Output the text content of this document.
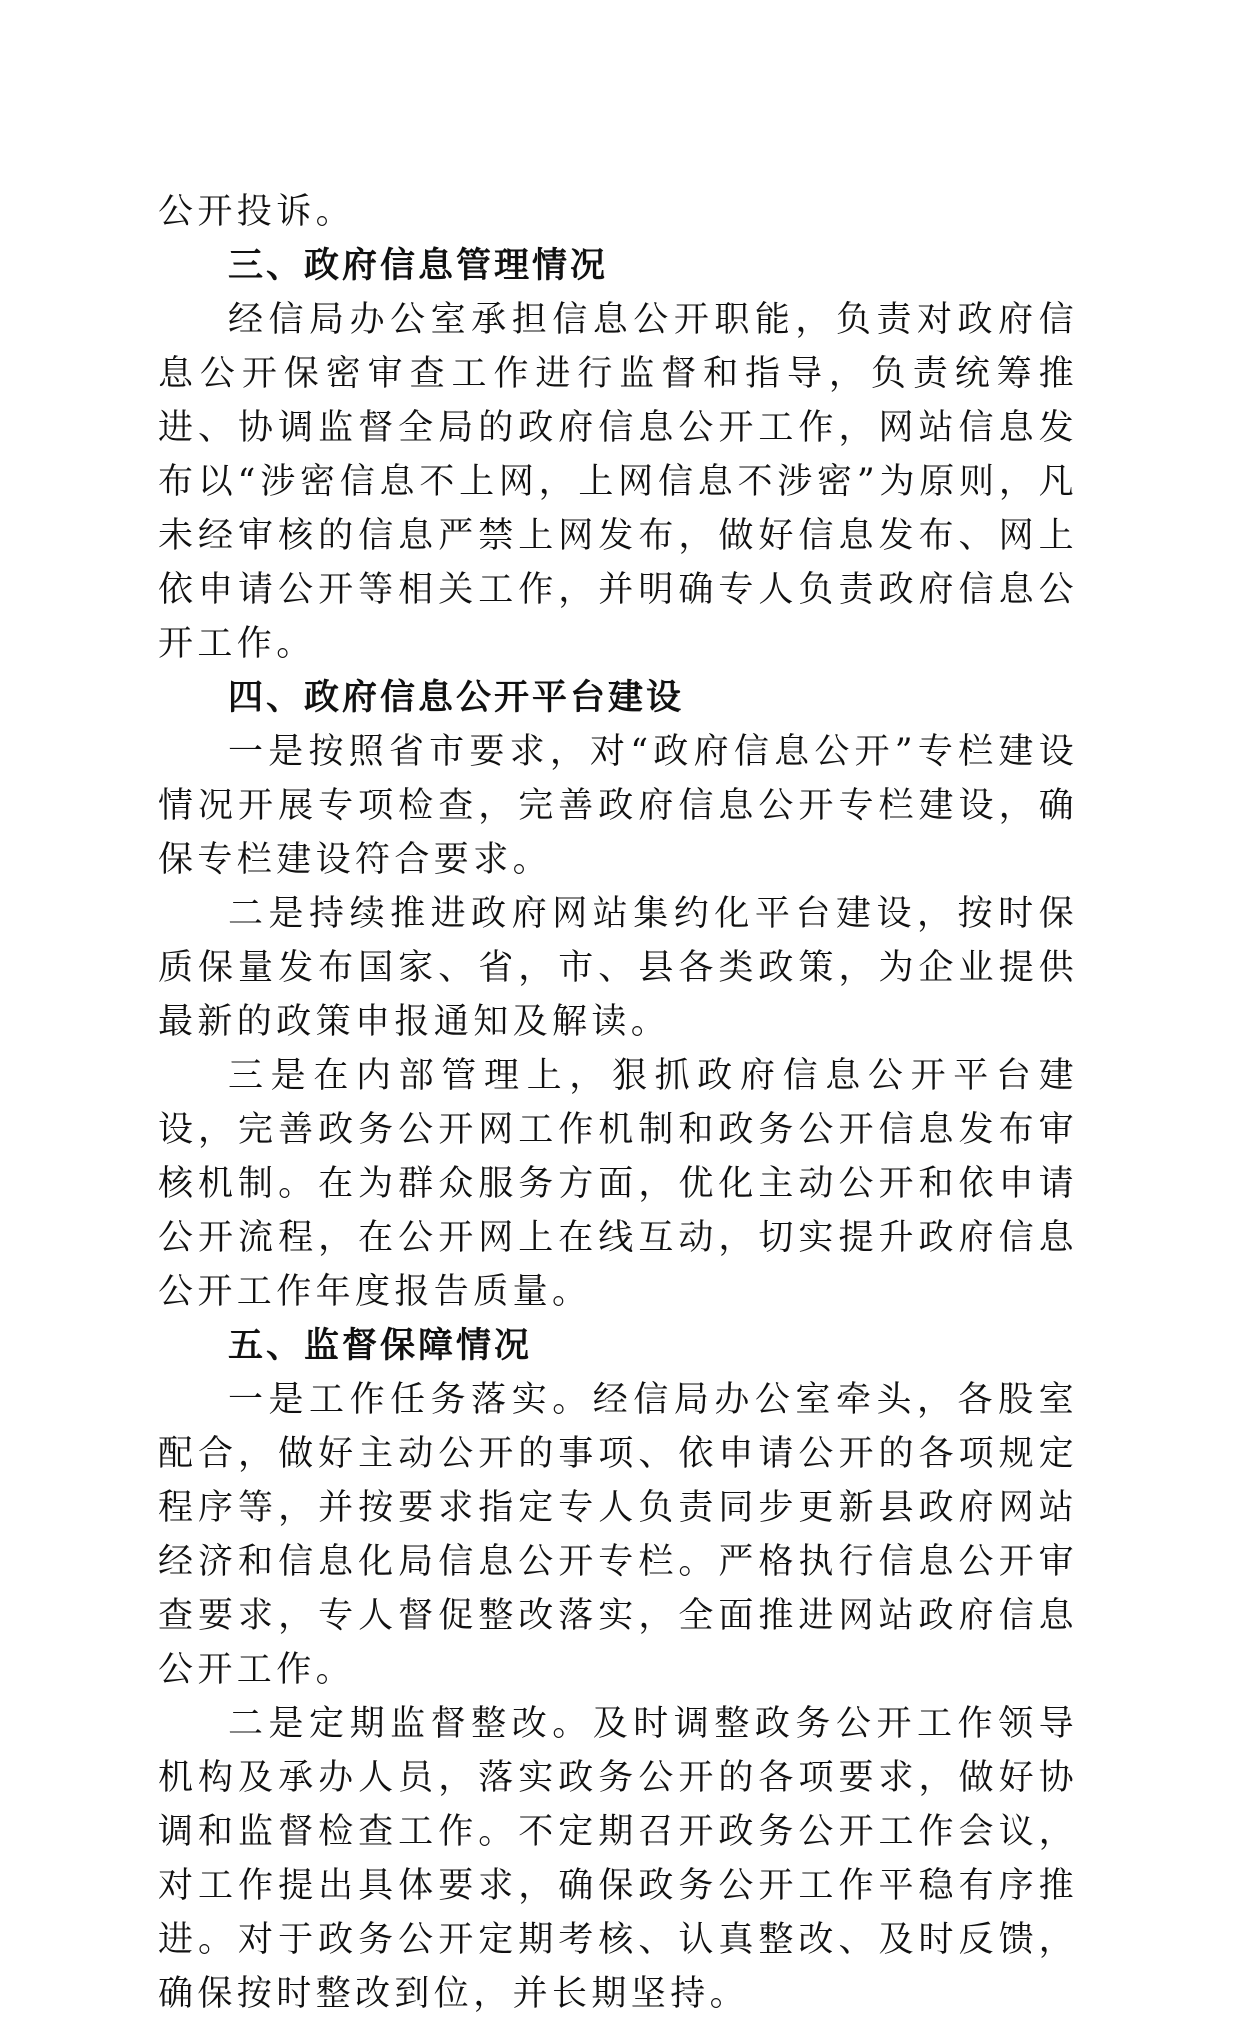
公开投诉。

三、政府信息管理情况

经信局办公室承担信息公开职能，负责对政府信息公开保密审查工作进行监督和指导，负责统筹推进、协调监督全局的政府信息公开工作，网站信息发布以“涉密信息不上网，上网信息不涉密”为原则，凡未经审核的信息严禁上网发布，做好信息发布、网上依申请公开等相关工作，并明确专人负责政府信息公开工作。

四、政府信息公开平台建设

一是按照省市要求，对“政府信息公开”专栏建设情况开展专项检查，完善政府信息公开专栏建设，确保专栏建设符合要求。

二是持续推进政府网站集约化平台建设，按时保质保量发布国家、省，市、县各类政策，为企业提供最新的政策申报通知及解读。

三是在内部管理上，狠抓政府信息公开平台建设，完善政务公开网工作机制和政务公开信息发布审核机制。在为群众服务方面，优化主动公开和依申请公开流程，在公开网上在线互动，切实提升政府信息公开工作年度报告质量。

五、监督保障情况

一是工作任务落实。经信局办公室牵头，各股室配合，做好主动公开的事项、依申请公开的各项规定程序等，并按要求指定专人负责同步更新县政府网站经济和信息化局信息公开专栏。严格执行信息公开审查要求，专人督促整改落实，全面推进网站政府信息公开工作。

二是定期监督整改。及时调整政务公开工作领导机构及承办人员，落实政务公开的各项要求，做好协调和监督检查工作。不定期召开政务公开工作会议，对工作提出具体要求，确保政务公开工作平稳有序推进。对于政务公开定期考核、认真整改、及时反馈，确保按时整改到位，并长期坚持。
